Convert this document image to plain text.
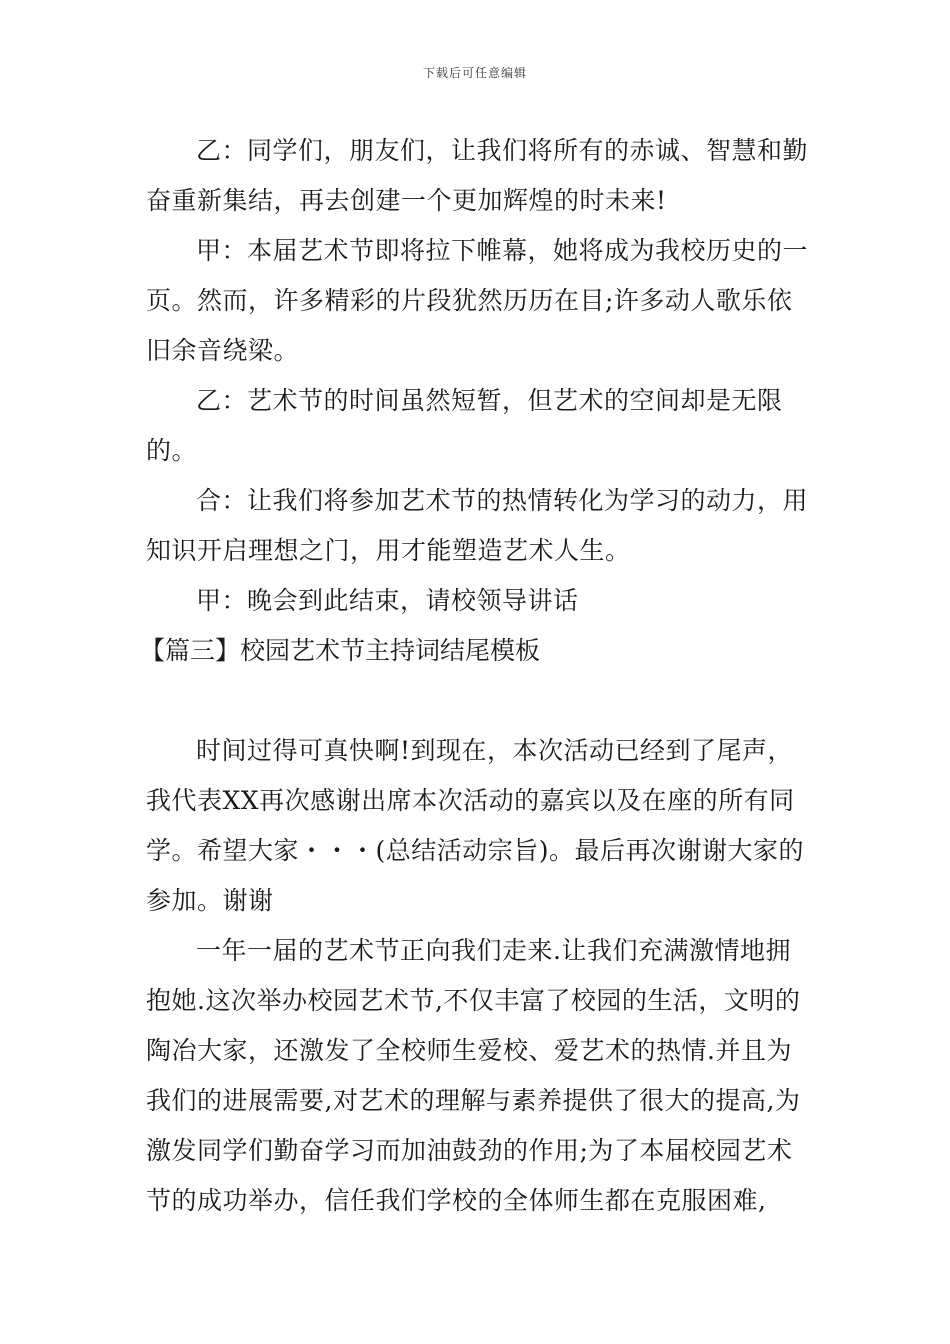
下载后可任意编辑

乙：同学们，朋友们，让我们将所有的赤诚、智慧和勤奋重新集结，再去创建一个更加辉煌的时未来!

甲：本届艺术节即将拉下帷幕，她将成为我校历史的一页。然而，许多精彩的片段犹然历历在目;许多动人歌乐依旧余音绕梁。

乙：艺术节的时间虽然短暂，但艺术的空间却是无限的。

合：让我们将参加艺术节的热情转化为学习的动力，用知识开启理想之门，用才能塑造艺术人生。

甲：晚会到此结束，请校领导讲话

【篇三】校园艺术节主持词结尾模板

时间过得可真快啊!到现在，本次活动已经到了尾声，我代表XX再次感谢出席本次活动的嘉宾以及在座的所有同学。希望大家・・・(总结活动宗旨)。最后再次谢谢大家的参加。谢谢

一年一届的艺术节正向我们走来.让我们充满激情地拥抱她.这次举办校园艺术节,不仅丰富了校园的生活，文明的陶冶大家，还激发了全校师生爱校、爱艺术的热情.并且为我们的进展需要,对艺术的理解与素养提供了很大的提高,为激发同学们勤奋学习而加油鼓劲的作用;为了本届校园艺术节的成功举办，信任我们学校的全体师生都在克服困难,
